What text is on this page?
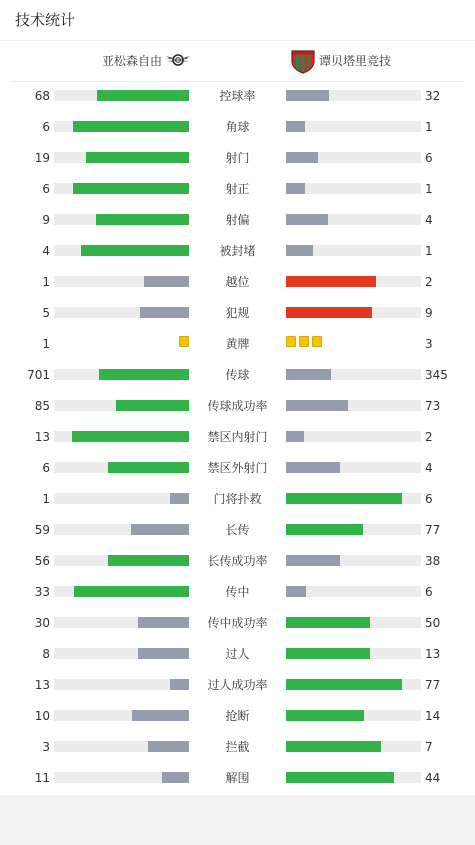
技术统计
亚松森自由	谭贝塔里竞技
68	控球率	32
6	角球	1
19	射门	6
6	射正	1
9	射偏	4
4	被封堵	1
1	越位	2
5	犯规	9
1	黄牌	3
701	传球	345
85	传球成功率	73
13	禁区内射门	2
6	禁区外射门	4
1	门将扑救	6
59	长传	77
56	长传成功率	38
33	传中	6
30	传中成功率	50
8	过人	13
13	过人成功率	77
10	抢断	14
3	拦截	7
11	解围	44
